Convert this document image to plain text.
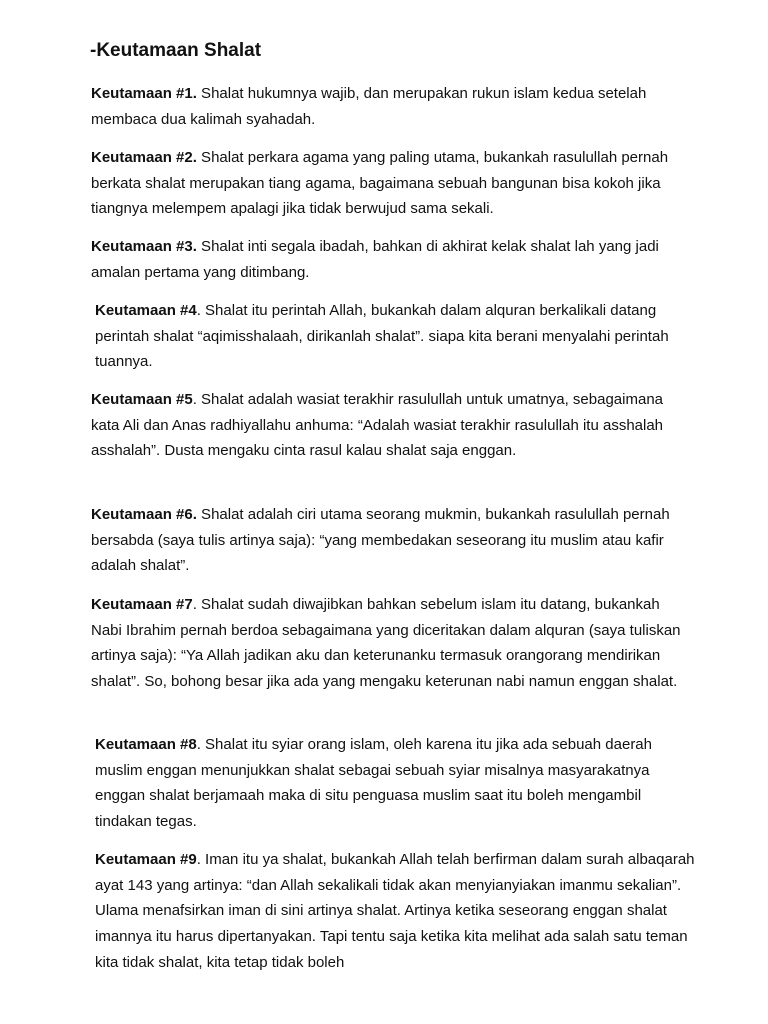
-Keutamaan Shalat

Keutamaan #1. Shalat hukumnya wajib, dan merupakan rukun islam kedua setelah membaca dua kalimah syahadah.

Keutamaan #2. Shalat perkara agama yang paling utama, bukankah rasulullah pernah berkata shalat merupakan tiang agama, bagaimana sebuah bangunan bisa kokoh jika tiangnya melempem apalagi jika tidak berwujud sama sekali.

Keutamaan #3. Shalat inti segala ibadah, bahkan di akhirat kelak shalat lah yang jadi amalan pertama yang ditimbang.

Keutamaan #4. Shalat itu perintah Allah, bukankah dalam alquran berkalikali datang perintah shalat “aqimisshalaah, dirikanlah shalat”. siapa kita berani menyalahi perintah tuannya.

Keutamaan #5. Shalat adalah wasiat terakhir rasulullah untuk umatnya, sebagaimana kata Ali dan Anas radhiyallahu anhuma: “Adalah wasiat terakhir rasulullah itu asshalah asshalah”. Dusta mengaku cinta rasul kalau shalat saja enggan.

Keutamaan #6. Shalat adalah ciri utama seorang mukmin, bukankah rasulullah pernah bersabda (saya tulis artinya saja): “yang membedakan seseorang itu muslim atau kafir adalah shalat”.

Keutamaan #7. Shalat sudah diwajibkan bahkan sebelum islam itu datang, bukankah Nabi Ibrahim pernah berdoa sebagaimana yang diceritakan dalam alquran (saya tuliskan artinya saja): “Ya Allah jadikan aku dan keterunanku termasuk orangorang mendirikan shalat”. So, bohong besar jika ada yang mengaku keterunan nabi namun enggan shalat.

Keutamaan #8. Shalat itu syiar orang islam, oleh karena itu jika ada sebuah daerah muslim enggan menunjukkan shalat sebagai sebuah syiar misalnya masyarakatnya enggan shalat berjamaah maka di situ penguasa muslim saat itu boleh mengambil tindakan tegas.

Keutamaan #9. Iman itu ya shalat, bukankah Allah telah berfirman dalam surah albaqarah ayat 143 yang artinya: “dan Allah sekalikali tidak akan menyianyiakan imanmu sekalian”. Ulama menafsirkan iman di sini artinya shalat. Artinya ketika seseorang enggan shalat imannya itu harus dipertanyakan. Tapi tentu saja ketika kita melihat ada salah satu teman kita tidak shalat, kita tetap tidak boleh
